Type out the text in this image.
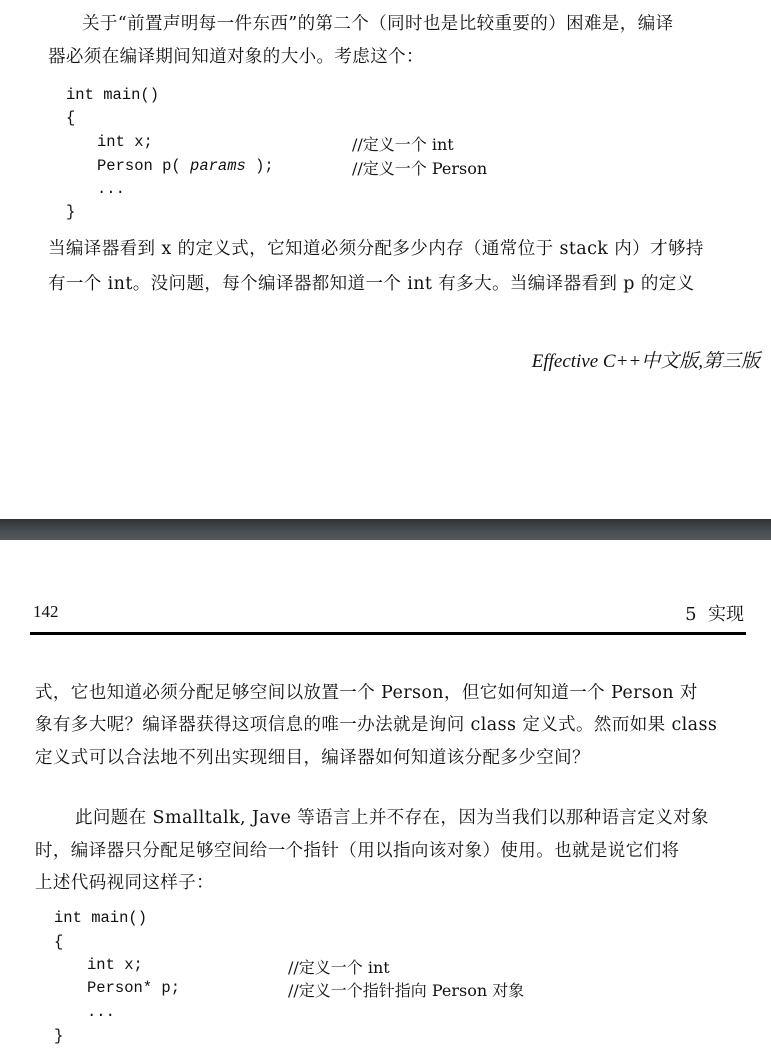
关于“前置声明每一件东西”的第二个（同时也是比较重要的）困难是，编译
器必须在编译期间知道对象的大小。考虑这个：
int main()
{
int x;	//定义一个 int
Person p( params );	//定义一个 Person
...
}
当编译器看到 x 的定义式，它知道必须分配多少内存（通常位于 stack 内）才够持
有一个 int。没问题，每个编译器都知道一个 int 有多大。当编译器看到 p 的定义
Effective C++中文版,第三版
142	5  实现
式，它也知道必须分配足够空间以放置一个 Person，但它如何知道一个 Person 对
象有多大呢？编译器获得这项信息的唯一办法就是询问 class 定义式。然而如果 class
定义式可以合法地不列出实现细目，编译器如何知道该分配多少空间？
此问题在 Smalltalk, Jave 等语言上并不存在，因为当我们以那种语言定义对象
时，编译器只分配足够空间给一个指针（用以指向该对象）使用。也就是说它们将
上述代码视同这样子：
int main()
{
int x;	//定义一个 int
Person* p;	//定义一个指针指向 Person 对象
...
}
